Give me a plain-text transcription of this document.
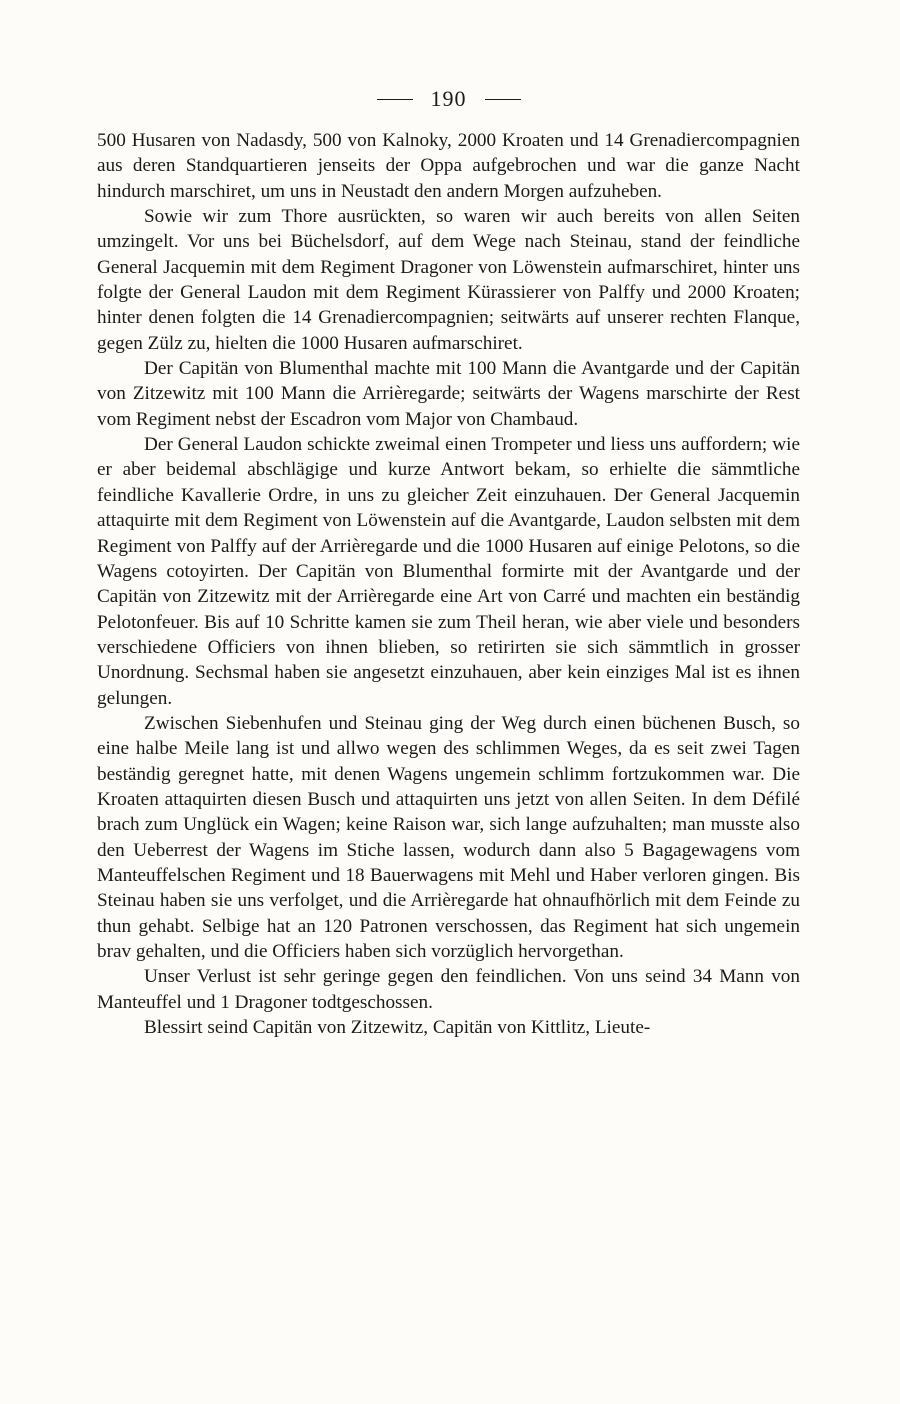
190

500 Husaren von Nadasdy, 500 von Kalnoky, 2000 Kroaten und 14 Grenadiercompagnien aus deren Standquartieren jenseits der Oppa aufgebrochen und war die ganze Nacht hindurch marschiret, um uns in Neustadt den andern Morgen aufzuheben.

Sowie wir zum Thore ausrückten, so waren wir auch bereits von allen Seiten umzingelt. Vor uns bei Büchelsdorf, auf dem Wege nach Steinau, stand der feindliche General Jacquemin mit dem Regiment Dragoner von Löwenstein aufmarschiret, hinter uns folgte der General Laudon mit dem Regiment Kürassierer von Palffy und 2000 Kroaten; hinter denen folgten die 14 Grenadiercompagnien; seitwärts auf unserer rechten Flanque, gegen Zülz zu, hielten die 1000 Husaren aufmarschiret.

Der Capitän von Blumenthal machte mit 100 Mann die Avantgarde und der Capitän von Zitzewitz mit 100 Mann die Arrièregarde; seitwärts der Wagens marschirte der Rest vom Regiment nebst der Escadron vom Major von Chambaud.

Der General Laudon schickte zweimal einen Trompeter und liess uns auffordern; wie er aber beidemal abschlägige und kurze Antwort bekam, so erhielte die sämmtliche feindliche Kavallerie Ordre, in uns zu gleicher Zeit einzuhauen. Der General Jacquemin attaquirte mit dem Regiment von Löwenstein auf die Avantgarde, Laudon selbsten mit dem Regiment von Palffy auf der Arrièregarde und die 1000 Husaren auf einige Pelotons, so die Wagens cotoyirten. Der Capitän von Blumenthal formirte mit der Avantgarde und der Capitän von Zitzewitz mit der Arrièregarde eine Art von Carré und machten ein beständig Pelotonfeuer. Bis auf 10 Schritte kamen sie zum Theil heran, wie aber viele und besonders verschiedene Officiers von ihnen blieben, so retirirten sie sich sämmtlich in grosser Unordnung. Sechsmal haben sie angesetzt einzuhauen, aber kein einziges Mal ist es ihnen gelungen.

Zwischen Siebenhufen und Steinau ging der Weg durch einen büchenen Busch, so eine halbe Meile lang ist und allwo wegen des schlimmen Weges, da es seit zwei Tagen beständig geregnet hatte, mit denen Wagens ungemein schlimm fortzukommen war. Die Kroaten attaquirten diesen Busch und attaquirten uns jetzt von allen Seiten. In dem Défilé brach zum Unglück ein Wagen; keine Raison war, sich lange aufzuhalten; man musste also den Ueberrest der Wagens im Stiche lassen, wodurch dann also 5 Bagagewagens vom Manteuffelschen Regiment und 18 Bauerwagens mit Mehl und Haber verloren gingen. Bis Steinau haben sie uns verfolget, und die Arrièregarde hat ohnaufhörlich mit dem Feinde zu thun gehabt. Selbige hat an 120 Patronen verschossen, das Regiment hat sich ungemein brav gehalten, und die Officiers haben sich vorzüglich hervorgethan.

Unser Verlust ist sehr geringe gegen den feindlichen. Von uns seind 34 Mann von Manteuffel und 1 Dragoner todtgeschossen.

Blessirt seind Capitän von Zitzewitz, Capitän von Kittlitz, Lieute-
